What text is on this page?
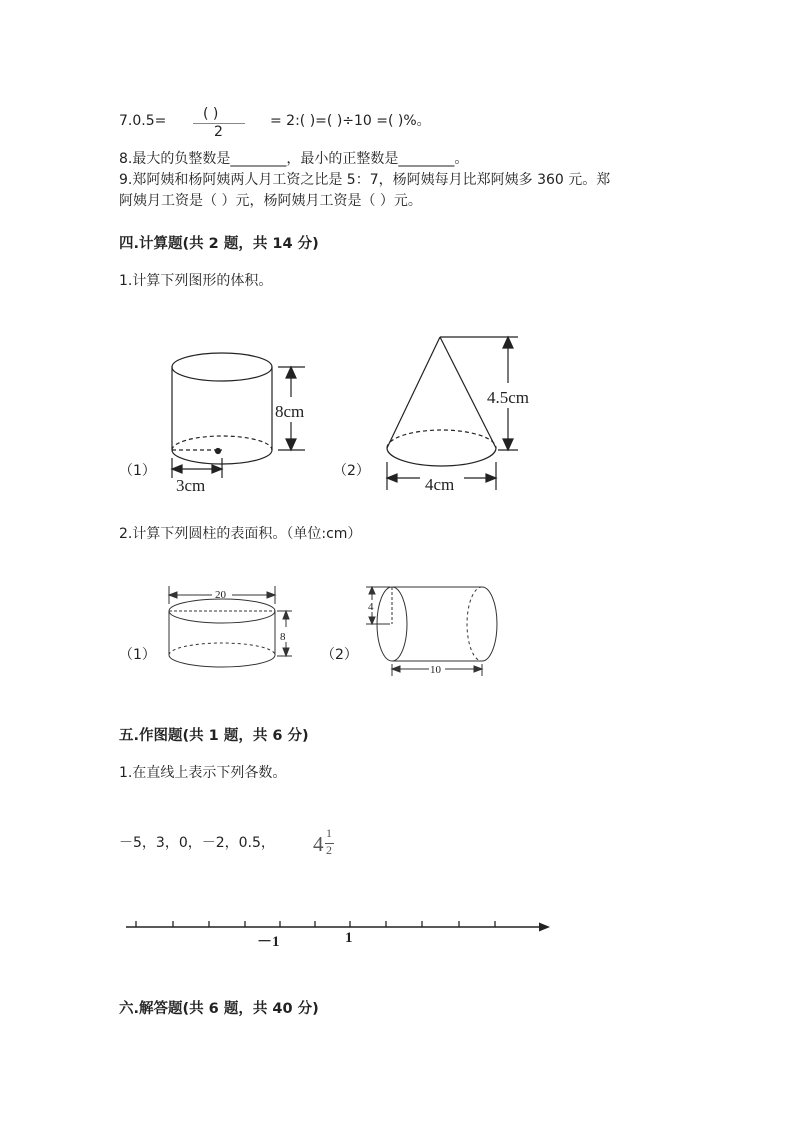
7.0.5=	( )
2
= 2:( )=( )÷10 =( )%。
8.最大的负整数是________，最小的正整数是________。
9.郑阿姨和杨阿姨两人月工资之比是 5：7，杨阿姨每月比郑阿姨多 360 元。郑
阿姨月工资是（ ）元，杨阿姨月工资是（ ）元。
四.计算题(共 2 题，共 14 分)
1.计算下列图形的体积。
8cm
3cm
4.5cm
4cm
20
8
4
10
（1）	（2）
2.计算下列圆柱的表面积。（单位:cm）
（1）	（2）
五.作图题(共 1 题，共 6 分)
1.在直线上表示下列各数。
－5，3，0，－2，0.5， 4 1
2
－1	1
六.解答题(共 6 题，共 40 分)
